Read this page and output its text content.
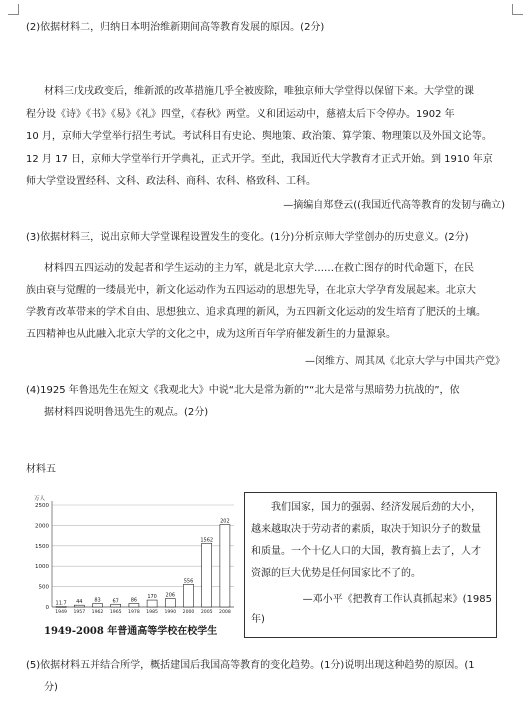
(2)依据材料二，归纳日本明治维新期间高等教育发展的原因。(2分)
材料三戊戌政变后，维新派的改革措施几乎全被废除，唯独京师大学堂得以保留下来。大学堂的课
程分设《诗》《书》《易》《礼》四堂，《春秋》两堂。义和团运动中，慈禧太后下令停办。1902 年
10 月，京师大学堂举行招生考试。考试科目有史论、舆地策、政治策、算学策、物理策以及外国文论等。
12 月 17 日，京师大学堂举行开学典礼，正式开学。至此，我国近代大学教育才正式开始。到 1910 年京
师大学堂设置经科、文科、政法科、商科、农科、格致科、工科。
—摘编自郑登云((我国近代高等教育的发韧与确立)
(3)依据材料三，说出京师大学堂课程设置发生的变化。(1分)分析京师大学堂创办的历史意义。(2分)
材料四五四运动的发起者和学生运动的主力军，就是北京大学……在救亡图存的时代命题下，在民
族由衰与觉醒的一缕晨光中，新文化运动作为五四运动的思想先导，在北京大学孕育发展起来。北京大
学教育改革带来的学术自由、思想独立、追求真理的新风，为五四新文化运动的发生培育了肥沃的土壤。
五四精神也从此融入北京大学的文化之中，成为这所百年学府催发新生的力量源泉。
—闵维方、周其凤《北京大学与中国共产党》
(4)1925 年鲁迅先生在短文《我观北大》中说“北大是常为新的”“北大是常与黑暗势力抗战的”，依
据材料四说明鲁迅先生的观点。(2分)
材料五
万人
0
500
1000
1500
2000
2500
11.7
1949
44
1957
83
1962
67
1965
86
1978
170
1985
206
1990
556
2000
1562
2005
202
2008
1949-2008 年普通高等学校在校学生
我们国家，国力的强弱、经济发展后劲的大小，
越来越取决于劳动者的素质，取决于知识分子的数量
和质量。一个十亿人口的大国，教育搞上去了，人才
资源的巨大优势是任何国家比不了的。
—邓小平《把教育工作认真抓起来》(1985
年)
(5)依据材料五并结合所学，概括建国后我国高等教育的变化趋势。(1分)说明出现这种趋势的原因。(1
分)
